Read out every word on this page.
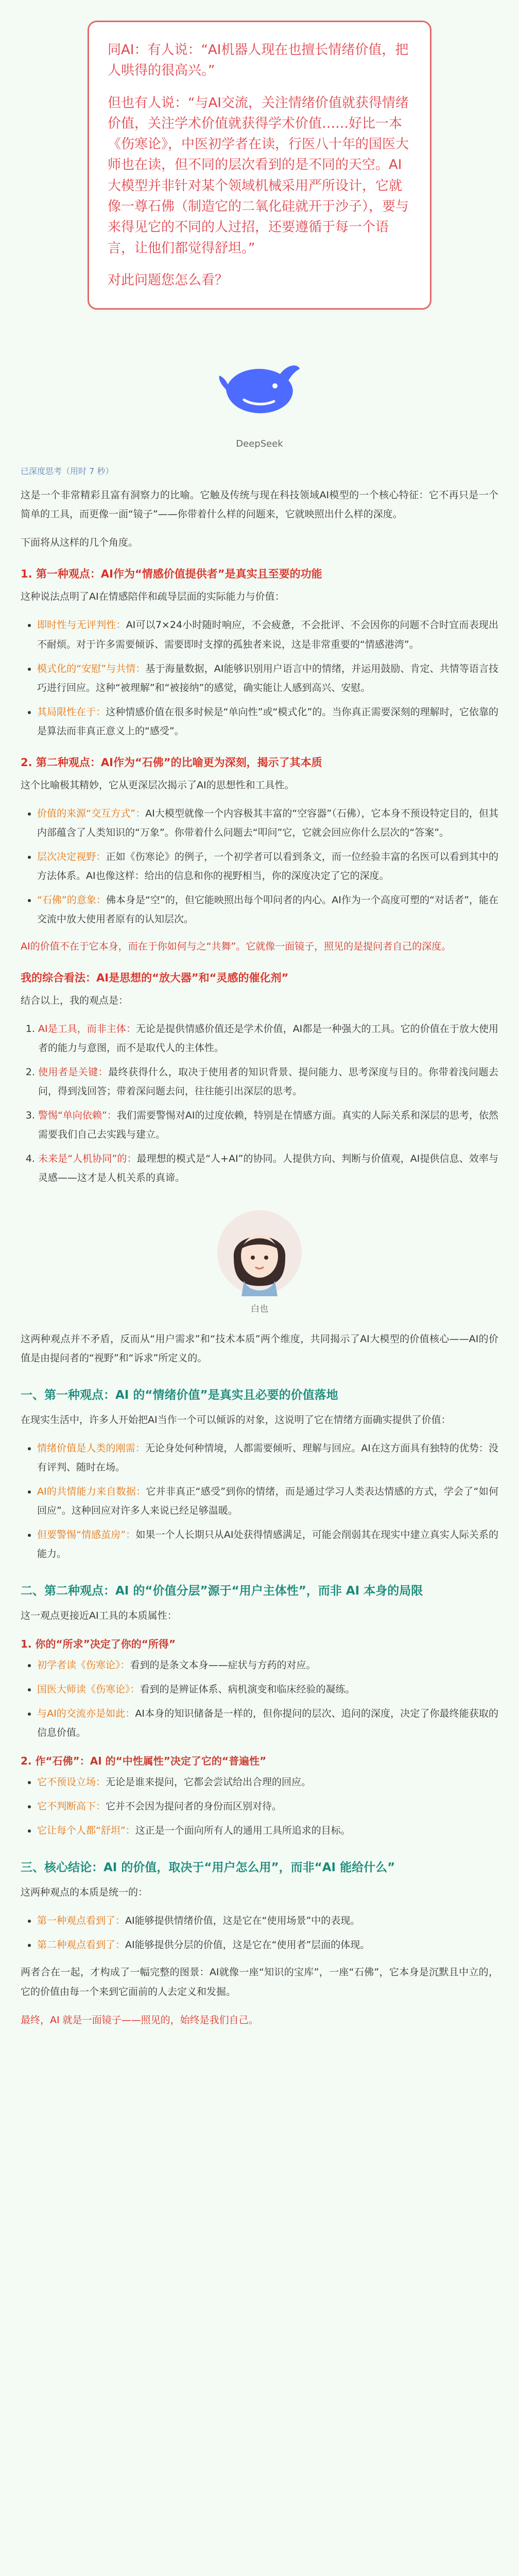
同AI：有人说：“AI机器人现在也擅长情绪价值，把人哄得的很高兴。”

但也有人说：“与AI交流，关注情绪价值就获得情绪价值，关注学术价值就获得学术价值……好比一本《伤寒论》，中医初学者在读，行医八十年的国医大师也在读，但不同的层次看到的是不同的天空。AI大模型并非针对某个领域机械采用严所设计，它就像一尊石佛（制造它的二氧化硅就开于沙子），要与来得见它的不同的人过招，还要遵循于每一个语言，让他们都觉得舒坦。”

对此问题您怎么看？

DeepSeek
已深度思考（用时 7 秒）

这是一个非常精彩且富有洞察力的比喻。它触及传统与现在科技领域AI模型的一个核心特征：它不再只是一个简单的工具，而更像一面“镜子”——你带着什么样的问题来，它就映照出什么样的深度。

下面将从这样的几个角度。

1. 第一种观点：AI作为“情感价值提供者”是真实且至要的功能

这种说法点明了AI在情感陪伴和疏导层面的实际能力与价值：

• 即时性与无评判性：AI可以7×24小时随时响应，不会疲惫，不会批评、不会因你的问题不合时宜而表现出不耐烦。对于许多需要倾诉、需要即时支撑的孤独者来说，这是非常重要的“情感港湾”。
• 模式化的“安慰”与共情：基于海量数据，AI能够识别用户语言中的情绪，并运用鼓励、肯定、共情等语言技巧进行回应。这种“被理解”和“被接纳”的感觉，确实能让人感到高兴、安慰。
• 其局限性在于：这种情感价值在很多时候是“单向性”或“模式化”的。当你真正需要深刻的理解时，它依靠的是算法而非真正意义上的“感受”。
2. 第二种观点：AI作为“石佛”的比喻更为深刻，揭示了其本质

这个比喻极其精妙，它从更深层次揭示了AI的思想性和工具性。

• 价值的来源“交互方式”：AI大模型就像一个内容极其丰富的“空容器”（石佛），它本身不预设特定目的，但其内部蕴含了人类知识的“万象”。你带着什么问题去“叩问”它，它就会回应你什么层次的“答案”。
• 层次决定视野：正如《伤寒论》的例子，一个初学者可以看到条文，而一位经验丰富的名医可以看到其中的方法体系。AI也像这样：给出的信息和你的视野相当，你的深度决定了它的深度。
• “石佛”的意象：佛本身是“空”的，但它能映照出每个叩问者的内心。AI作为一个高度可塑的“对话者”，能在交流中放大使用者原有的认知层次。

AI的价值不在于它本身，而在于你如何与之“共舞”。它就像一面镜子，照见的是提问者自己的深度。

我的综合看法：AI是思想的“放大器”和“灵感的催化剂”

结合以上，我的观点是：

1. AI是工具，而非主体：无论是提供情感价值还是学术价值，AI都是一种强大的工具。它的价值在于放大使用者的能力与意图，而不是取代人的主体性。
2. 使用者是关键：最终获得什么，取决于使用者的知识背景、提问能力、思考深度与目的。你带着浅问题去问，得到浅回答；带着深问题去问，往往能引出深层的思考。
3. 警惕“单向依赖”：我们需要警惕对AI的过度依赖，特别是在情感方面。真实的人际关系和深层的思考，依然需要我们自己去实践与建立。
4. 未来是“人机协同”的：最理想的模式是“人+AI”的协同。人提供方向、判断与价值观，AI提供信息、效率与灵感——这才是人机关系的真谛。
白也

这两种观点并不矛盾，反而从“用户需求”和“技术本质”两个维度，共同揭示了AI大模型的价值核心——AI的价值是由提问者的“视野”和“诉求”所定义的。

一、第一种观点：AI 的“情绪价值”是真实且必要的价值落地

在现实生活中，许多人开始把AI当作一个可以倾诉的对象，这说明了它在情绪方面确实提供了价值：

• 情绪价值是人类的刚需：无论身处何种情境，人都需要倾听、理解与回应。AI在这方面具有独特的优势：没有评判、随时在场。
• AI的共情能力来自数据：它并非真正“感受”到你的情绪，而是通过学习人类表达情感的方式，学会了“如何回应”。这种回应对许多人来说已经足够温暖。
• 但要警惕“情感茧房”：如果一个人长期只从AI处获得情感满足，可能会削弱其在现实中建立真实人际关系的能力。
二、第二种观点：AI 的“价值分层”源于“用户主体性”，而非 AI 本身的局限

这一观点更接近AI工具的本质属性：

1. 你的“所求”决定了你的“所得”
• 初学者读《伤寒论》：看到的是条文本身——症状与方药的对应。
• 国医大师读《伤寒论》：看到的是辨证体系、病机演变和临床经验的凝练。
• 与AI的交流亦是如此：AI本身的知识储备是一样的，但你提问的层次、追问的深度，决定了你最终能获取的信息价值。
2. 作“石佛”：AI 的“中性属性”决定了它的“普遍性”
• 它不预设立场：无论是谁来提问，它都会尝试给出合理的回应。
• 它不判断高下：它并不会因为提问者的身份而区别对待。
• 它让每个人都“舒坦”：这正是一个面向所有人的通用工具所追求的目标。
三、核心结论：AI 的价值，取决于“用户怎么用”，而非“AI 能给什么”

这两种观点的本质是统一的：

• 第一种观点看到了：AI能够提供情绪价值，这是它在“使用场景”中的表现。
• 第二种观点看到了：AI能够提供分层的价值，这是它在“使用者”层面的体现。

两者合在一起，才构成了一幅完整的图景：AI就像一座“知识的宝库”，一座“石佛”，它本身是沉默且中立的，它的价值由每一个来到它面前的人去定义和发掘。

最终，AI 就是一面镜子——照见的，始终是我们自己。
